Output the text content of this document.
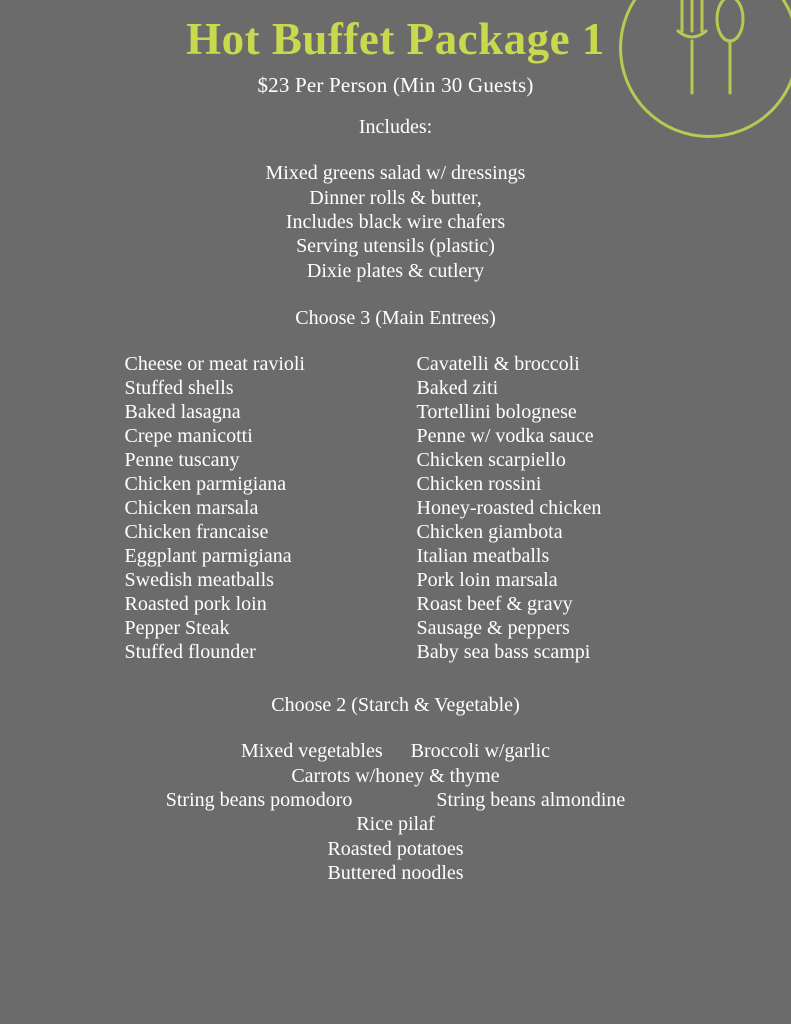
Hot Buffet Package 1
$23 Per Person (Min 30 Guests)
Includes:
Mixed greens salad w/ dressings
Dinner rolls & butter,
Includes black wire chafers
Serving utensils (plastic)
Dixie plates & cutlery
Choose 3 (Main Entrees)
Cheese or meat ravioli
Stuffed shells
Baked lasagna
Crepe manicotti
Penne tuscany
Chicken parmigiana
Chicken marsala
Chicken francaise
Eggplant parmigiana
Swedish meatballs
Roasted pork loin
Pepper Steak
Stuffed flounder
Cavatelli & broccoli
Baked ziti
Tortellini bolognese
Penne w/ vodka sauce
Chicken scarpiello
Chicken rossini
Honey-roasted chicken
Chicken giambota
Italian meatballs
Pork loin marsala
Roast beef & gravy
Sausage & peppers
Baby sea bass scampi
Choose 2 (Starch & Vegetable)
Mixed vegetables Broccoli w/garlic
Carrots w/honey & thyme
String beans pomodoro	String beans almondine
Rice pilaf
Roasted potatoes
Buttered noodles
